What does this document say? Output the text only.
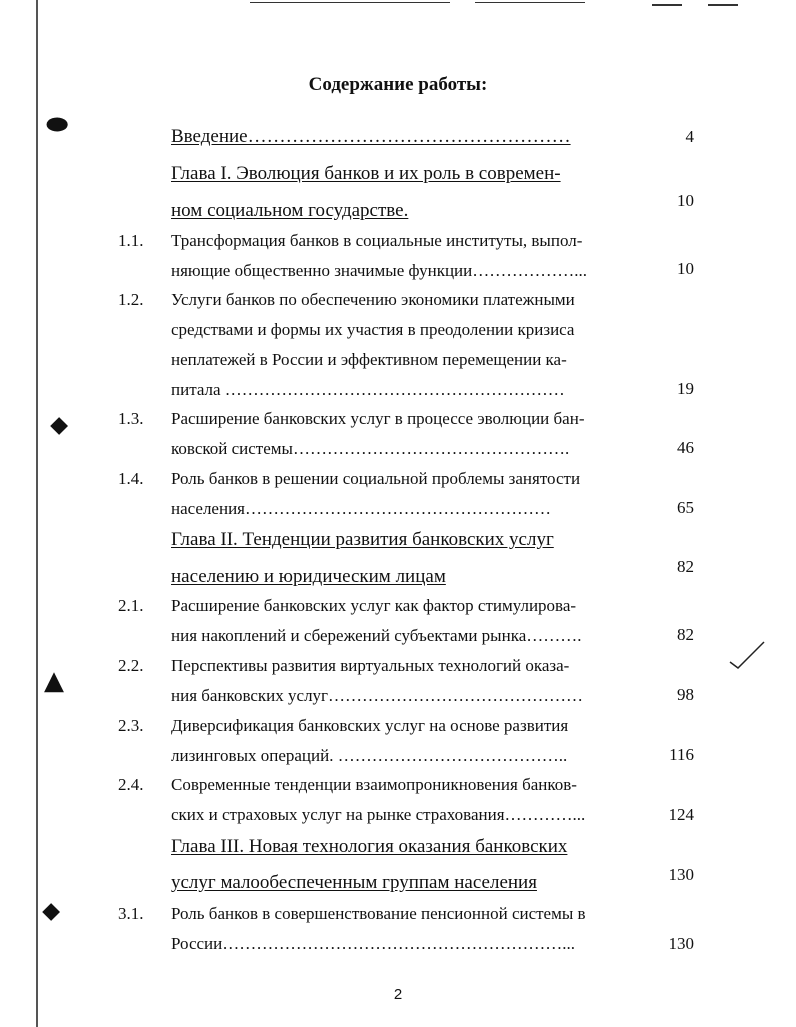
⬬
⬥
▲
⬥
Содержание работы:
Введение……………………………………………	4
Глава I. Эволюция банков и их роль в современ-
ном социальном государстве.	10
1.1. Трансформация банков в социальные институты, выпол-
няющие общественно значимые функции………………...	10
1.2. Услуги банков по обеспечению экономики платежными
средствами и формы их участия в преодолении кризиса
неплатежей в России и эффективном перемещении ка-
питала ……………………………………………………	19
1.3. Расширение банковских услуг в процессе эволюции бан-
ковской системы………………………………………….	46
1.4. Роль банков в решении социальной проблемы занятости
населения………………………………………………	65
Глава II. Тенденции развития банковских услуг
населению и юридическим лицам	82
2.1. Расширение банковских услуг как фактор стимулирова-
ния накоплений и сбережений субъектами рынка……….	82
2.2. Перспективы развития виртуальных технологий оказа-
ния банковских услуг………………………………………	98
2.3. Диверсификация банковских услуг на основе развития
лизинговых операций. …………………………………..	116
2.4. Современные тенденции взаимопроникновения банков-
ских и страховых услуг на рынке страхования…………...	124
Глава III. Новая технология оказания банковских
услуг малообеспеченным группам населения	130
3.1. Роль банков в совершенствование пенсионной системы в
России……………………………………………………...	130
2
